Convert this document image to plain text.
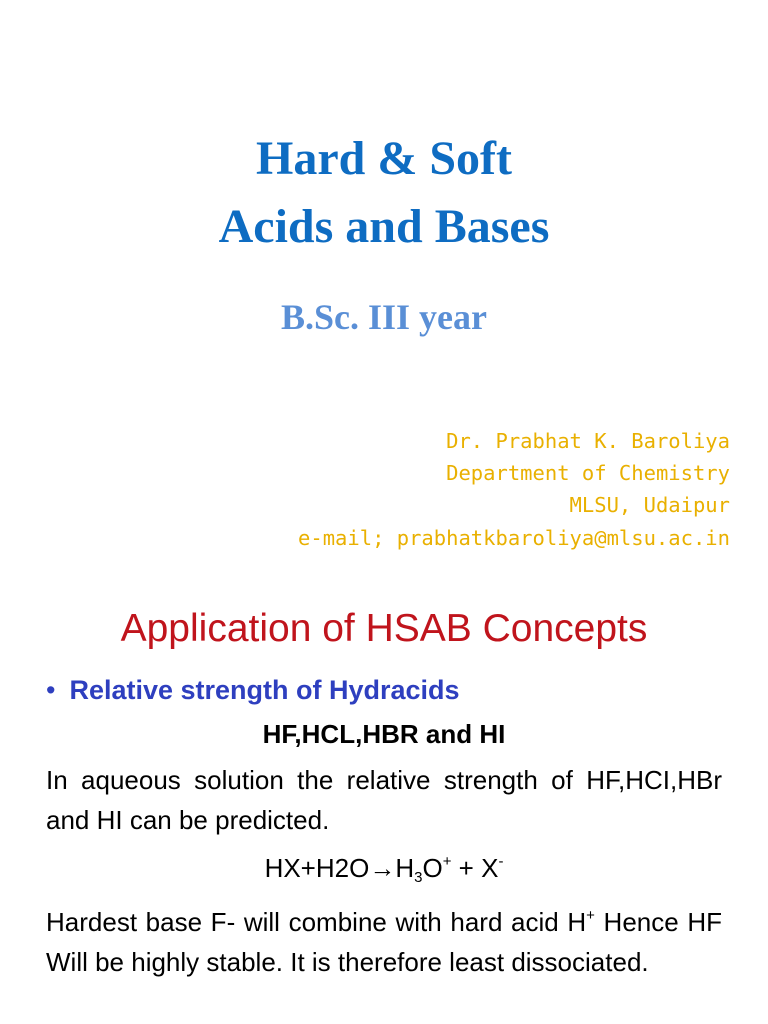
Hard & Soft
Acids and Bases
B.Sc. III year
Dr. Prabhat K. Baroliya
Department of Chemistry
MLSU, Udaipur
e-mail; prabhatkbaroliya@mlsu.ac.in
Application of HSAB Concepts
• Relative strength of Hydracids
HF,HCL,HBR and HI
In aqueous solution the relative strength of HF,HCI,HBr and HI can be predicted.
$HX+H2O\to H_3O^+ + X^-$
Hardest base F- will combine with hard acid H+ Hence HF Will be highly stable. It is therefore least dissociated.
